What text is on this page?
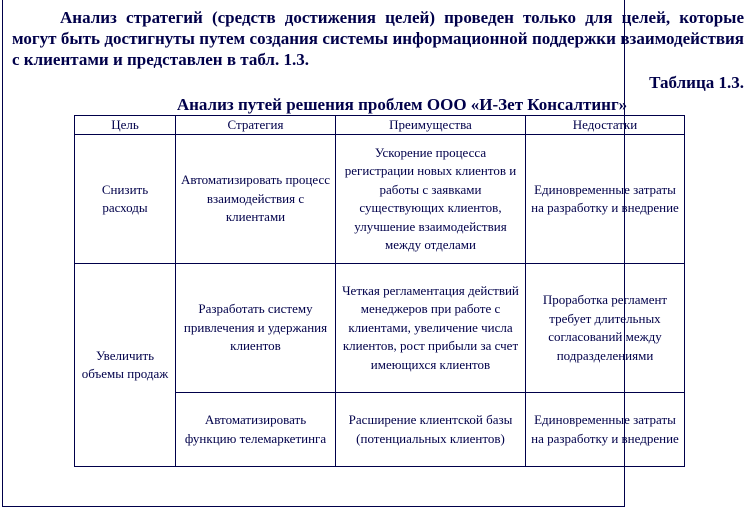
Анализ стратегий (средств достижения целей) проведен только для целей, которые могут быть достигнуты путем создания системы информационной поддержки взаимодействия с клиентами и представлен в табл. 1.3.

Таблица 1.3.

Анализ путей решения проблем ООО «И-Зет Консалтинг»

Цель	Стратегия	Преимущества	Недостатки
Снизить расходы	Автоматизировать процесс взаимодействия с клиентами	Ускорение процесса регистрации новых клиентов и работы с заявками существующих клиентов, улучшение взаимодействия между отделами	Единовременные затраты на разработку и внедрение
Увеличить объемы продаж	Разработать систему привлечения и удержания клиентов	Четкая регламентация действий менеджеров при работе с клиентами, увеличение числа клиентов, рост прибыли за счет имеющихся клиентов	Проработка регламент требует длительных согласований между подразделениями
	Автоматизировать функцию телемаркетинга	Расширение клиентской базы (потенциальных клиентов)	Единовременные затраты на разработку и внедрение
